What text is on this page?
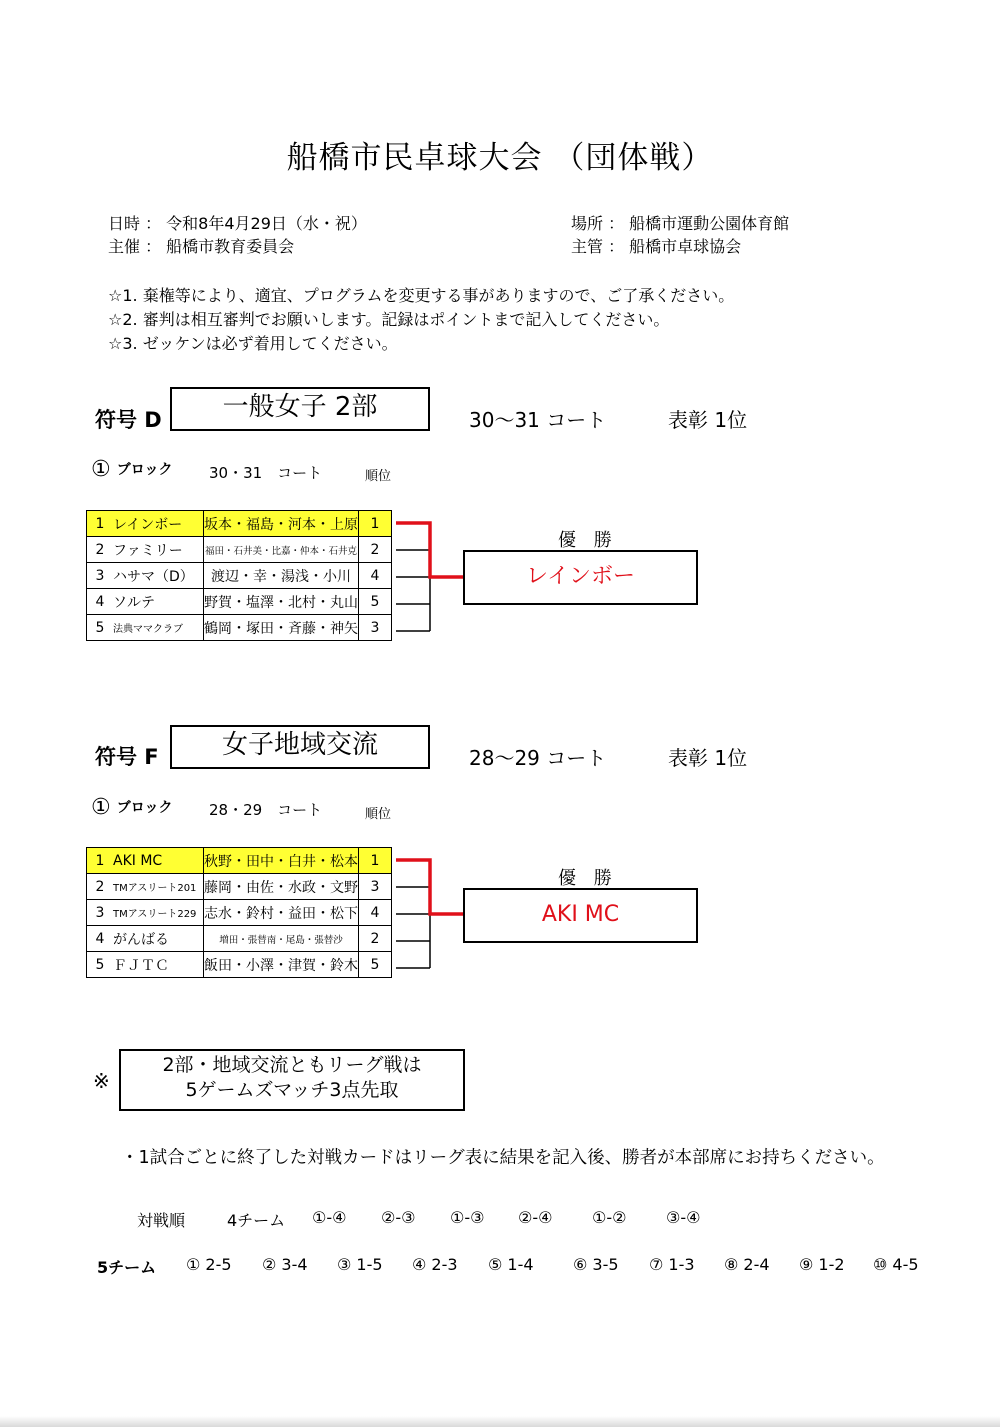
船橋市民卓球大会 （団体戦）
日時 ： 令和8年4月29日（水・祝）
主催 ： 船橋市教育委員会
場所 ： 船橋市運動公園体育館
主管 ： 船橋市卓球協会
☆1. 棄権等により、適宜、プログラムを変更する事がありますので、ご了承ください。
☆2. 審判は相互審判でお願いします。記録はポイントまで記入してください。
☆3. ゼッケンは必ず着用してください。
符号 D	一般女子 2部	30～31 コート	表彰 1位
① ブロック 30・31　コート	順位
1	レインボー	坂本・福島・河本・上原	1
2	ファミリー	福田・石井美・比嘉・仲本・石井克	2
3	ハサマ（D）	渡辺・幸・湯浅・小川	4
4	ソルテ	野賀・塩澤・北村・丸山	5
5	法典ママクラブ	鶴岡・塚田・斉藤・神矢	3
優 勝
レインボー
符号 F	女子地域交流	28～29 コート	表彰 1位
① ブロック 28・29　コート	順位
1	AKI MC	秋野・田中・白井・松本	1
2	TMアスリート201	藤岡・由佐・水政・文野	3
3	TMアスリート229	志水・鈴村・益田・松下	4
4	がんばる	増田・張替南・尾島・張替沙	2
5	ＦＪＴＣ	飯田・小澤・津賀・鈴木	5
優 勝
AKI MC
※
2部・地域交流ともリーグ戦は
5ゲームズマッチ3点先取
・1試合ごとに終了した対戦カードはリーグ表に結果を記入後、勝者が本部席にお持ちください。
対戦順	4チーム ①-④ ②-③ ①-③ ②-④ ①-② ③-④
5チーム ① 2-5 ② 3-4 ③ 1-5 ④ 2-3 ⑤ 1-4 ⑥ 3-5 ⑦ 1-3 ⑧ 2-4 ⑨ 1-2 ⑩ 4-5
